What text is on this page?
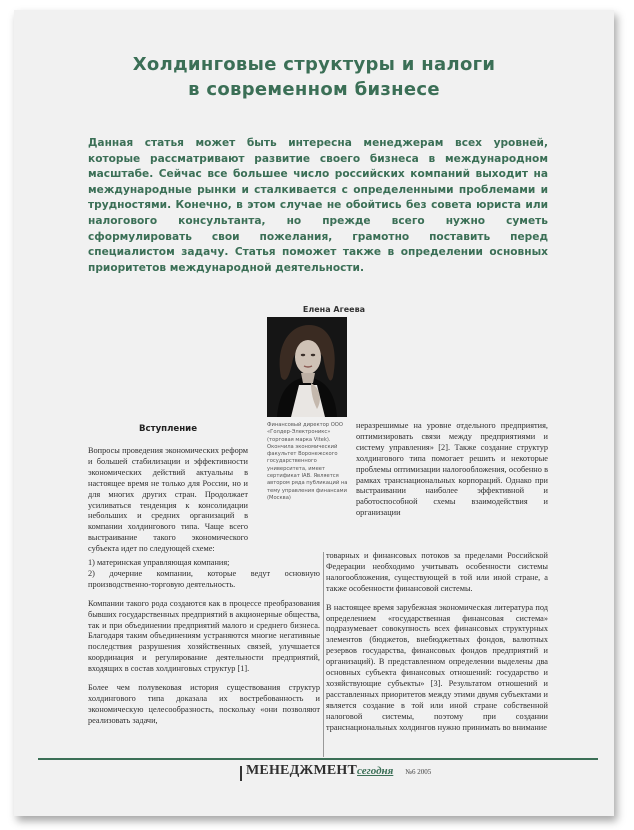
Холдинговые структуры и налоги
в современном бизнесе
Данная статья может быть интересна менеджерам всех уровней, которые рассматривают развитие своего бизнеса в международном масштабе. Сейчас все большее число российских компаний выходит на международные рынки и сталкивается с определенными проблемами и трудностями. Конечно, в этом случае не обойтись без совета юриста или налогового консультанта, но прежде всего нужно суметь сформулировать свои пожелания, грамотно поставить перед специалистом задачу. Статья поможет также в определении основных приоритетов международной деятельности.
Елена Агеева
Финансовый директор ООО «Голдер-Электроникс» (торговая марка Vitek). Окончила экономический факультет Воронежского государственного университета, имеет сертификат IAB. Является автором ряда публикаций на тему управления финансами (Москва)
Вступление

Вопросы проведения экономических реформ и большей стабилизации и эффективности экономических действий актуальны в настоящее время не только для России, но и для многих других стран. Продолжает усиливаться тенденция к консолидации небольших и средних организаций в компании холдингового типа. Чаще всего выстраивание такого экономического субъекта идет по следующей схеме:

1) материнская управляющая компания;

2) дочерние компании, которые ведут основную производственно-торговую деятельность.

Компании такого рода создаются как в процессе преобразования бывших государственных предприятий в акционерные общества, так и при объединении предприятий малого и среднего бизнеса. Благодаря таким объединениям устраняются многие негативные последствия разрушения хозяйственных связей, улучшается координация и регулирование деятельности предприятий, входящих в состав холдинговых структур [1].

Более чем полувековая история существования структур холдингового типа доказала их востребованность и экономическую целесообразность, поскольку «они позволяют реализовать задачи,

неразрешимые на уровне отдельного предприятия, оптимизировать связи между предприятиями и систему управления» [2]. Также создание структур холдингового типа помогает решить и некоторые проблемы оптимизации налогообложения, особенно в рамках транснациональных корпораций. Однако при выстраивании наиболее эффективной и работоспособной схемы взаимодействия и организации

товарных и финансовых потоков за пределами Российской Федерации необходимо учитывать особенности системы налогообложения, существующей в той или иной стране, а также особенности финансовой системы.

В настоящее время зарубежная экономическая литература под определением «государственная финансовая система» подразумевает совокупность всех финансовых структурных элементов (бюджетов, внебюджетных фондов, валютных резервов государства, финансовых фондов предприятий и организаций). В представленном определении выделены два основных субъекта финансовых отношений: государство и хозяйствующие субъекты» [3]. Результатом отношений и расставленных приоритетов между этими двумя субъектами и является создание в той или иной стране собственной налоговой системы, поэтому при создании транснациональных холдингов нужно принимать во внимание

МЕНЕДЖМЕНТ сегодня №6 2005
